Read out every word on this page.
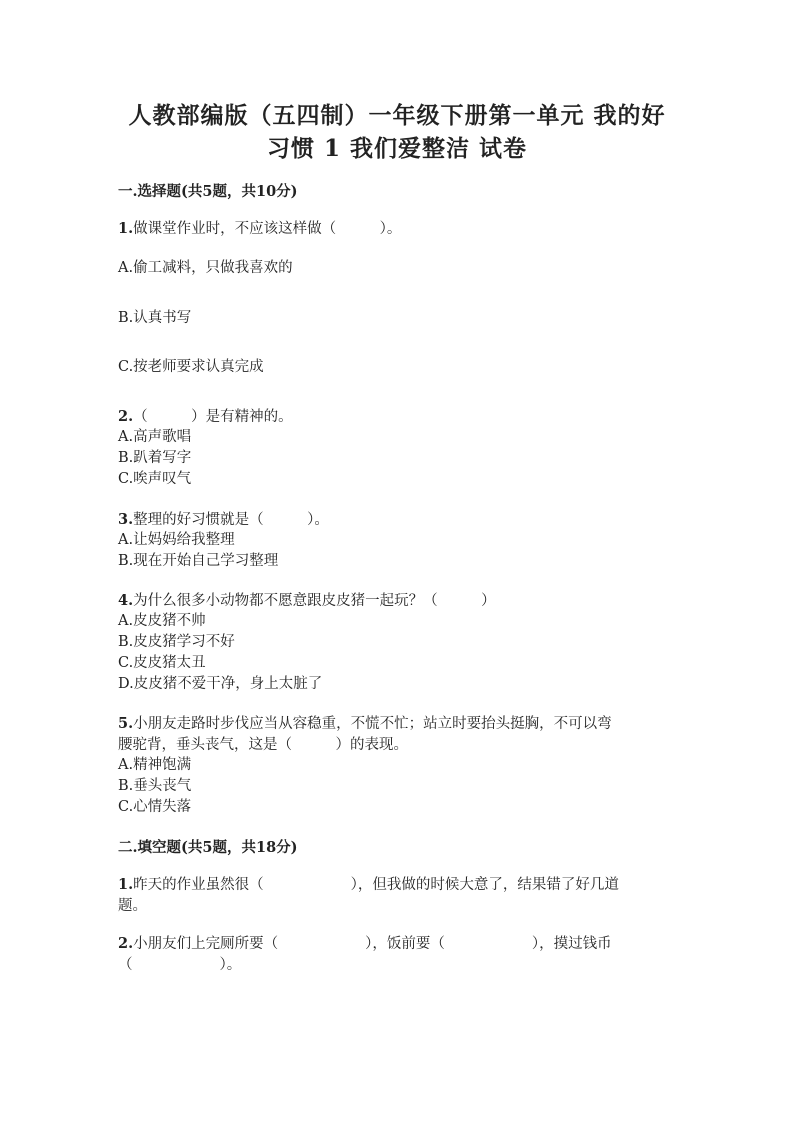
人教部编版（五四制）一年级下册第一单元 我的好
习惯 1 我们爱整洁 试卷
一.选择题(共5题，共10分)
1.做课堂作业时，不应该这样做（　　　）。
A.偷工减料，只做我喜欢的
B.认真书写
C.按老师要求认真完成
2.（　　　）是有精神的。
A.高声歌唱
B.趴着写字
C.唉声叹气
3.整理的好习惯就是（　　　）。
A.让妈妈给我整理
B.现在开始自己学习整理
4.为什么很多小动物都不愿意跟皮皮猪一起玩？（　　　）
A.皮皮猪不帅
B.皮皮猪学习不好
C.皮皮猪太丑
D.皮皮猪不爱干净，身上太脏了
5.小朋友走路时步伐应当从容稳重，不慌不忙；站立时要抬头挺胸，不可以弯
腰驼背，垂头丧气，这是（　　　）的表现。
A.精神饱满
B.垂头丧气
C.心情失落
二.填空题(共5题，共18分)
1.昨天的作业虽然很（　　　　　　），但我做的时候大意了，结果错了好几道
题。
2.小朋友们上完厕所要（　　　　　　），饭前要（　　　　　　），摸过钱币
（　　　　　　）。
